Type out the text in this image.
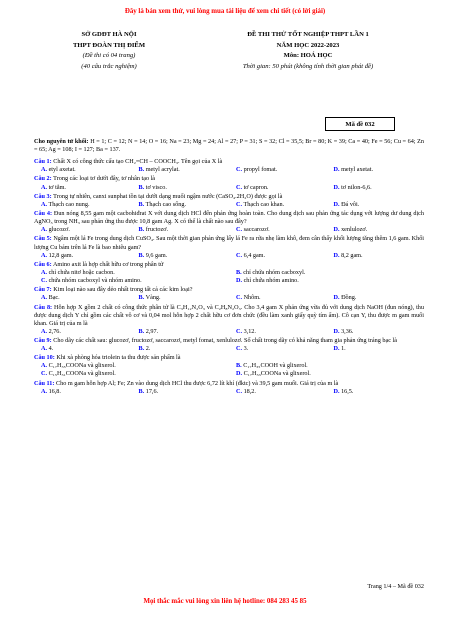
Đây là bản xem thử, vui lòng mua tài liệu để xem chi tiết (có lời giải)
SỞ GDĐT HÀ NỘI
THPT ĐOÀN THỊ ĐIỂM
(Đề thi có 04 trang)
(40 câu trắc nghiệm)
ĐỀ THI THỬ TỐT NGHIỆP THPT LẦN 1
NĂM HỌC 2022-2023
Môn: HOÁ HỌC
Thời gian: 50 phút (không tính thời gian phát đề)
Mã đề 032
Cho nguyên tử khối: H = 1; C = 12; N = 14; O = 16; Na = 23; Mg = 24; Al = 27; P = 31; S = 32; Cl = 35,5; Br = 80; K = 39; Ca = 40; Fe = 56; Cu = 64; Zn = 65; Ag = 108; I = 127; Ba = 137.
Câu 1: Chất X có công thức cấu tạo CH₂=CH – COOCH₃. Tên gọi của X là
A. etyl axetat.	B. metyl acrylat.	C. propyl fomat.	D. metyl axetat.
Câu 2: Trong các loại tơ dưới đây, tơ nhân tạo là
A. tơ tằm.	B. tơ visco.	C. tơ capron.	D. tơ nilon-6,6.
Câu 3: Trong tự nhiên, canxi sunphat tồn tại dưới dạng muối ngậm nước (CaSO₄.2H₂O) được gọi là
A. Thạch cao nung.	B. Thạch cao sống.	C. Thạch cao khan.	D. Đá vôi.
Câu 4: Đun nóng 8,55 gam một cacbohiđrat X với dung dịch HCl đến phản ứng hoàn toàn. Cho dung dịch sau phản ứng tác dụng với lượng dư dung dịch AgNO₃ trong NH₃ sau phản ứng thu được 10,8 gam Ag. X có thể là chất nào sau đây?
A. glucozơ.	B. fructozơ.	C. saccarozơ.	D. xenlulozơ.
Câu 5: Ngâm một lá Fe trong dung dịch CuSO₄. Sau một thời gian phản ứng lấy lá Fe ra rửa nhẹ làm khô, đem cân thấy khối lượng tăng thêm 1,6 gam. Khối lượng Cu bám trên lá Fe là bao nhiêu gam?
A. 12,8 gam.	B. 9,6 gam.	C. 6,4 gam.	D. 8,2 gam.
Câu 6: Amino axit là hợp chất hữu cơ trong phân tử
A. chỉ chứa nitơ hoặc cacbon.	B. chỉ chứa nhóm cacboxyl.
C. chứa nhóm cacboxyl và nhóm amino.	D. chỉ chứa nhóm amino.
Câu 7: Kim loại nào sau đây dẻo nhất trong tất cả các kim loại?
A. Bạc.	B. Vàng.	C. Nhôm.	D. Đồng.
Câu 8: Hỗn hợp X gồm 2 chất có công thức phân tử là C₃H₁₂N₂O₃ và C₂H₈N₂O₃. Cho 3,4 gam X phản ứng vừa đủ với dung dịch NaOH (đun nóng), thu được dung dịch Y chỉ gồm các chất vô cơ và 0,04 mol hỗn hợp 2 chất hữu cơ đơn chức (đều làm xanh giấy quỳ tím ẩm). Cô cạn Y, thu được m gam muối khan. Giá trị của m là
A. 2,76.	B. 2,97.	C. 3,12.	D. 3,36.
Câu 9: Cho dãy các chất sau: glucozơ, fructozơ, saccarozơ, metyl fomat, xenlulozơ. Số chất trong dãy có khả năng tham gia phản ứng tráng bạc là
A. 4.	B. 2.	C. 3.	D. 1.
Câu 10: Khi xà phòng hóa triolein ta thu được sản phẩm là
A. C₁₇H₃₅COONa và glixerol.	B. C₁₇H₃₅COOH và glixerol.
C. C₁₅H₃₁COONa và glixerol.	D. C₁₇H₃₃COONa và glixerol.
Câu 11: Cho m gam hỗn hợp Al; Fe; Zn vào dung dịch HCl thu được 6,72 lít khí (đktc) và 39,5 gam muối. Giá trị của m là
A. 16,8.	B. 17,6.	C. 18,2.	D. 16,5.
Trang 1/4 – Mã đề 032
Mọi thắc mắc vui lòng xin liên hệ hotline: 084 283 45 85
